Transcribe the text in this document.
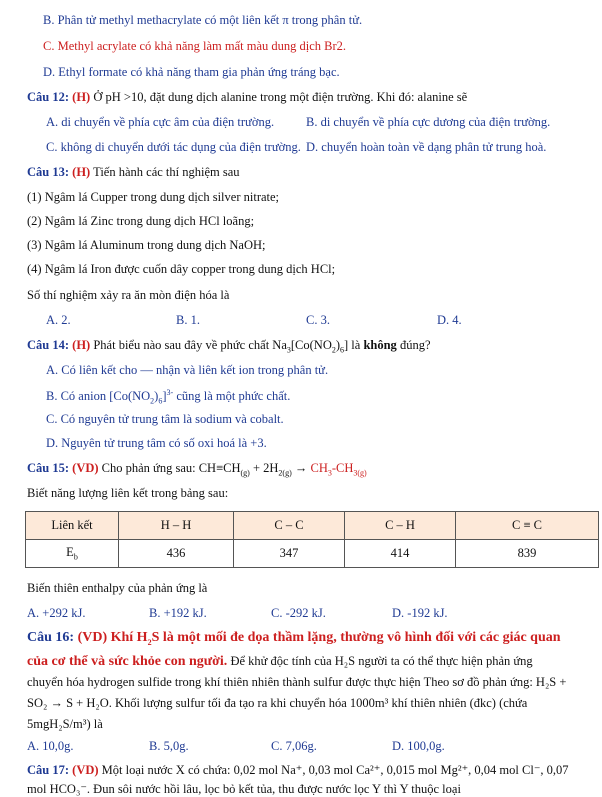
B. Phân tử methyl methacrylate có một liên kết π trong phân tử.
C. Methyl acrylate có khả năng làm mất màu dung dịch Br2.
D. Ethyl formate có khả năng tham gia phản ứng tráng bạc.
Câu 12: (H) Ở pH >10, đặt dung dịch alanine trong một điện trường. Khi đó: alanine sẽ
A. di chuyển về phía cực âm của điện trường.	B. di chuyển về phía cực dương của điện trường.
C. không di chuyển dưới tác dụng của điện trường. D. chuyển hoàn toàn về dạng phân tử trung hoà.
Câu 13: (H) Tiến hành các thí nghiệm sau
(1) Ngâm lá Cupper trong dung dịch silver nitrate;
(2) Ngâm lá Zinc trong dung dịch HCl loãng;
(3) Ngâm lá Aluminum trong dung dịch NaOH;
(4) Ngâm lá Iron được cuốn dây copper trong dung dịch HCl;
Số thí nghiệm xảy ra ăn mòn điện hóa là
A. 2.	B. 1.	C. 3.	D. 4.
Câu 14: (H) Phát biểu nào sau đây về phức chất $Na_3[Co(NO_2)_6]$ là không đúng?
A. Có liên kết cho — nhận và liên kết ion trong phân tử.
B. Có anion $[Co(NO_2)_6]^{3-}$ cũng là một phức chất.
C. Có nguyên tử trung tâm là sodium và cobalt.
D. Nguyên tử trung tâm có số oxi hoá là +3.
Câu 15: (VD) Cho phản ứng sau: $CH\equiv CH_{(g)} + 2H_{2(g)} \to CH_3-CH_{3(g)}$
Biết năng lượng liên kết trong bảng sau:
Liên kết	H – H	C – C	C – H	C ≡ C
$E_b$	436	347	414	839
Biến thiên enthalpy của phản ứng là
A. +292 kJ.	B. +192 kJ.	C. -292 kJ.	D. -192 kJ.
Câu 16: (VD) Khí $H_2S$ là một mối đe dọa thầm lặng, thường vô hình đối với các giác quan
của cơ thể và sức khỏe con người. Để khử độc tính của H₂S người ta có thể thực hiện phản ứng
chuyển hóa hydrogen sulfide trong khí thiên nhiên thành sulfur được thực hiện Theo sơ đồ phản ứng: H₂S +
SO₂ → S + H₂O. Khối lượng sulfur tối đa tạo ra khi chuyển hóa 1000m³ khí thiên nhiên (đkc) (chứa
5mgH₂S/m³) là
A. 10,0g.	B. 5,0g.	C. 7,06g.	D. 100,0g.
Câu 17: (VD) Một loại nước X có chứa: 0,02 mol Na⁺, 0,03 mol Ca²⁺, 0,015 mol Mg²⁺, 0,04 mol Cl⁻, 0,07
mol HCO₃⁻. Đun sôi nước hồi lâu, lọc bỏ kết tủa, thu được nước lọc Y thì Y thuộc loại
